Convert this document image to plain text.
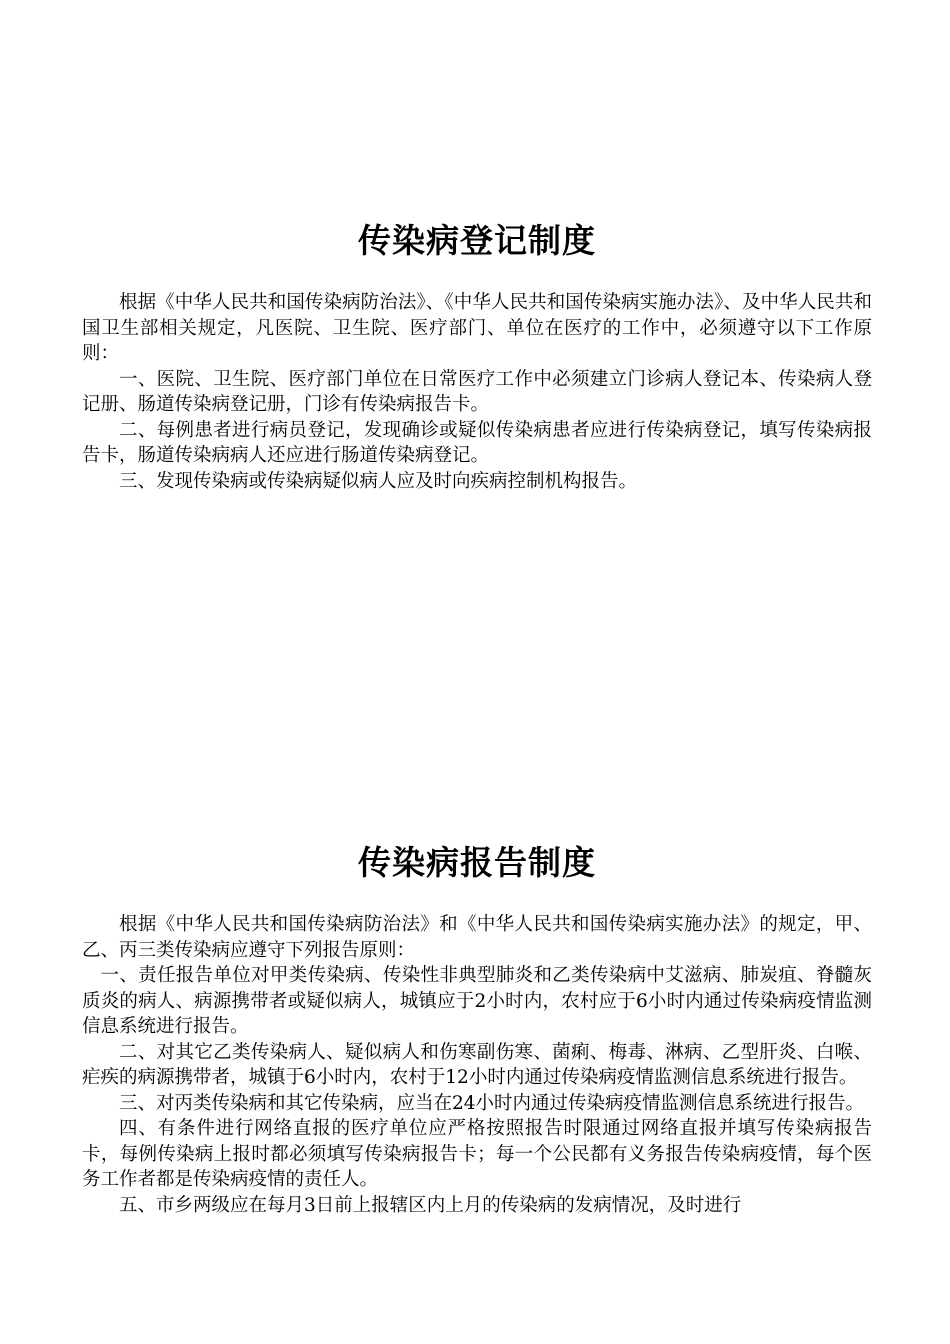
传染病登记制度

根据《中华人民共和国传染病防治法》、《中华人民共和国传染病实施办法》、及中华人民共和国卫生部相关规定，凡医院、卫生院、医疗部门、单位在医疗的工作中，必须遵守以下工作原则：

一、医院、卫生院、医疗部门单位在日常医疗工作中必须建立门诊病人登记本、传染病人登记册、肠道传染病登记册，门诊有传染病报告卡。

二、每例患者进行病员登记，发现确诊或疑似传染病患者应进行传染病登记，填写传染病报告卡，肠道传染病病人还应进行肠道传染病登记。

三、发现传染病或传染病疑似病人应及时向疾病控制机构报告。

传染病报告制度

根据《中华人民共和国传染病防治法》和《中华人民共和国传染病实施办法》的规定，甲、乙、丙三类传染病应遵守下列报告原则：

一、责任报告单位对甲类传染病、传染性非典型肺炎和乙类传染病中艾滋病、肺炭疽、脊髓灰质炎的病人、病源携带者或疑似病人，城镇应于2小时内，农村应于6小时内通过传染病疫情监测信息系统进行报告。

二、对其它乙类传染病人、疑似病人和伤寒副伤寒、菌痢、梅毒、淋病、乙型肝炎、白喉、疟疾的病源携带者，城镇于6小时内，农村于12小时内通过传染病疫情监测信息系统进行报告。

三、对丙类传染病和其它传染病，应当在24小时内通过传染病疫情监测信息系统进行报告。

四、有条件进行网络直报的医疗单位应严格按照报告时限通过网络直报并填写传染病报告卡，每例传染病上报时都必须填写传染病报告卡；每一个公民都有义务报告传染病疫情，每个医务工作者都是传染病疫情的责任人。

五、市乡两级应在每月3日前上报辖区内上月的传染病的发病情况，及时进行
